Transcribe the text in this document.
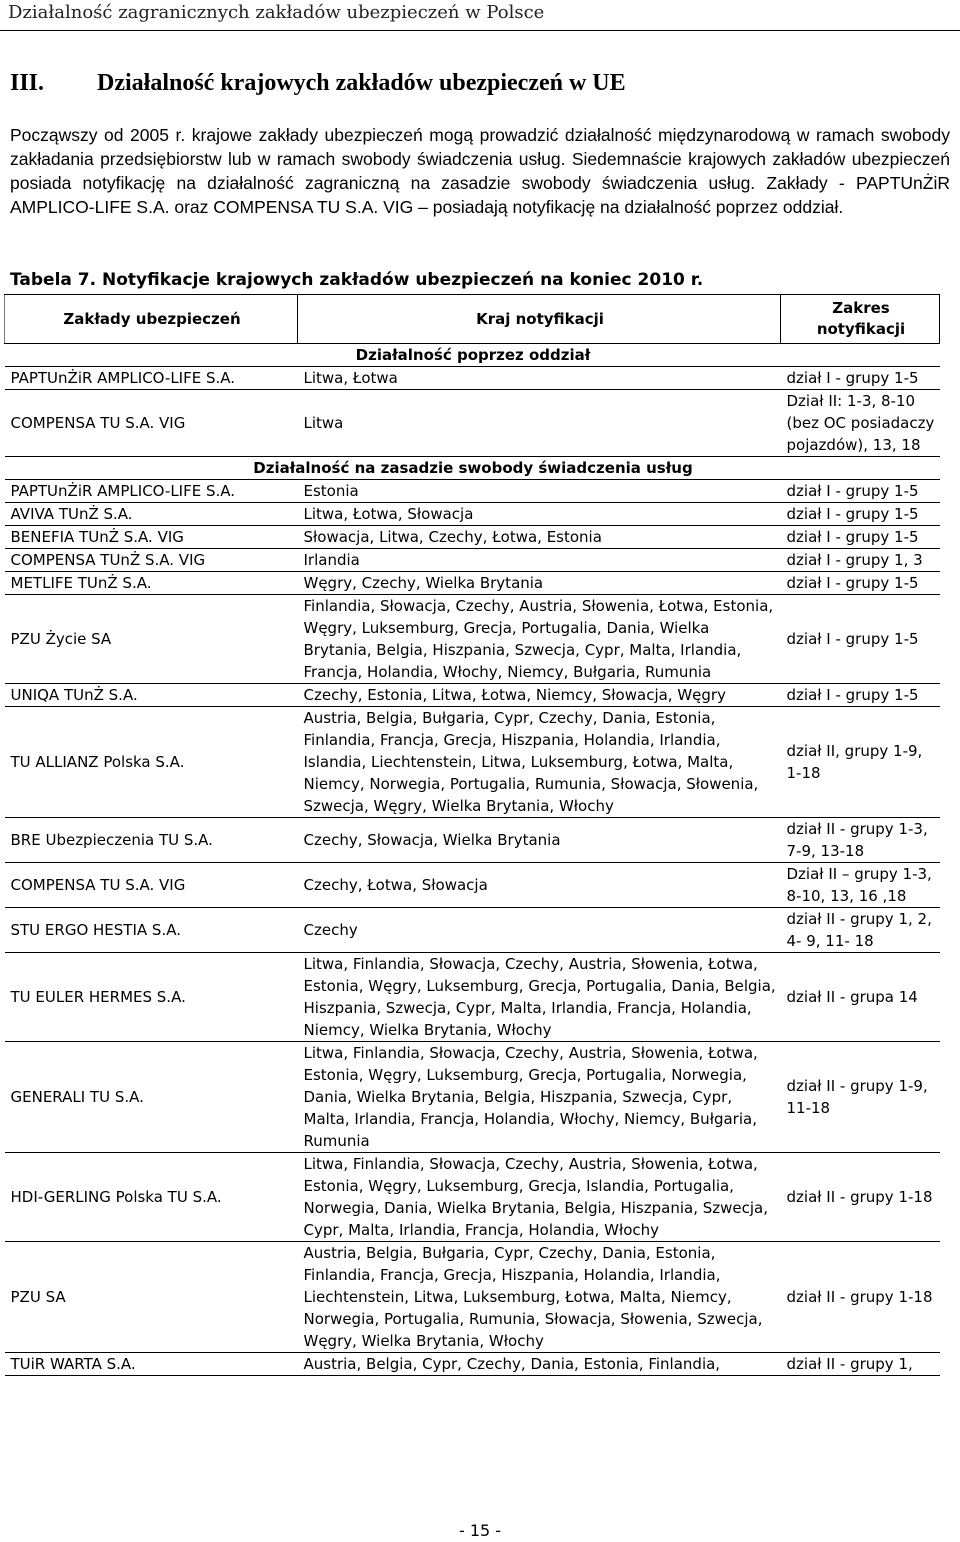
Działalność zagranicznych zakładów ubezpieczeń w Polsce
III. Działalność krajowych zakładów ubezpieczeń w UE

Począwszy od 2005 r. krajowe zakłady ubezpieczeń mogą prowadzić działalność międzynarodową w ramach swobody zakładania przedsiębiorstw lub w ramach swobody świadczenia usług. Siedemnaście krajowych zakładów ubezpieczeń posiada notyfikację na działalność zagraniczną na zasadzie swobody świadczenia usług. Zakłady - PAPTUnŻiR AMPLICO-LIFE S.A. oraz COMPENSA TU S.A. VIG – posiadają notyfikację na działalność poprzez oddział.

Tabela 7. Notyfikacje krajowych zakładów ubezpieczeń na koniec 2010 r.

Zakłady ubezpieczeń	Kraj notyfikacji	Zakres notyfikacji

Działalność poprzez oddział		
PAPTUnŻiR AMPLICO-LIFE S.A.	Litwa, Łotwa	dział I - grupy 1-5
COMPENSA TU S.A. VIG	Litwa	Dział II: 1-3, 8-10 (bez OC posiadaczy pojazdów), 13, 18
Działalność na zasadzie swobody świadczenia usług		
PAPTUnŻiR AMPLICO-LIFE S.A.	Estonia	dział I - grupy 1-5
AVIVA TUnŻ S.A.	Litwa, Łotwa, Słowacja	dział I - grupy 1-5
BENEFIA TUnŻ S.A. VIG	Słowacja, Litwa, Czechy, Łotwa, Estonia	dział I - grupy 1-5
COMPENSA TUnŻ S.A. VIG	Irlandia	dział I - grupy 1, 3
METLIFE TUnŻ S.A.	Węgry, Czechy, Wielka Brytania	dział I - grupy 1-5
PZU Życie SA	Finlandia, Słowacja, Czechy, Austria, Słowenia, Łotwa, Estonia, Węgry, Luksemburg, Grecja, Portugalia, Dania, Wielka Brytania, Belgia, Hiszpania, Szwecja, Cypr, Malta, Irlandia, Francja, Holandia, Włochy, Niemcy, Bułgaria, Rumunia	dział I - grupy 1-5
UNIQA TUnŻ S.A.	Czechy, Estonia, Litwa, Łotwa, Niemcy, Słowacja, Węgry	dział I - grupy 1-5
TU ALLIANZ Polska S.A.	Austria, Belgia, Bułgaria, Cypr, Czechy, Dania, Estonia, Finlandia, Francja, Grecja, Hiszpania, Holandia, Irlandia, Islandia, Liechtenstein, Litwa, Luksemburg, Łotwa, Malta, Niemcy, Norwegia, Portugalia, Rumunia, Słowacja, Słowenia, Szwecja, Węgry, Wielka Brytania, Włochy	dział II, grupy 1-9, 1-18
BRE Ubezpieczenia TU S.A.	Czechy, Słowacja, Wielka Brytania	dział II - grupy 1-3, 7-9, 13-18
COMPENSA TU S.A. VIG	Czechy, Łotwa, Słowacja	Dział II – grupy 1-3, 8-10, 13, 16 ,18
STU ERGO HESTIA S.A.	Czechy	dział II - grupy 1, 2, 4- 9, 11- 18
TU EULER HERMES S.A.	Litwa, Finlandia, Słowacja, Czechy, Austria, Słowenia, Łotwa, Estonia, Węgry, Luksemburg, Grecja, Portugalia, Dania, Belgia, Hiszpania, Szwecja, Cypr, Malta, Irlandia, Francja, Holandia, Niemcy, Wielka Brytania, Włochy	dział II - grupa 14
GENERALI TU S.A.	Litwa, Finlandia, Słowacja, Czechy, Austria, Słowenia, Łotwa, Estonia, Węgry, Luksemburg, Grecja, Portugalia, Norwegia, Dania, Wielka Brytania, Belgia, Hiszpania, Szwecja, Cypr, Malta, Irlandia, Francja, Holandia, Włochy, Niemcy, Bułgaria, Rumunia	dział II - grupy 1-9, 11-18
HDI-GERLING Polska TU S.A.	Litwa, Finlandia, Słowacja, Czechy, Austria, Słowenia, Łotwa, Estonia, Węgry, Luksemburg, Grecja, Islandia, Portugalia, Norwegia, Dania, Wielka Brytania, Belgia, Hiszpania, Szwecja, Cypr, Malta, Irlandia, Francja, Holandia, Włochy	dział II - grupy 1-18
PZU SA	Austria, Belgia, Bułgaria, Cypr, Czechy, Dania, Estonia, Finlandia, Francja, Grecja, Hiszpania, Holandia, Irlandia, Liechtenstein, Litwa, Luksemburg, Łotwa, Malta, Niemcy, Norwegia, Portugalia, Rumunia, Słowacja, Słowenia, Szwecja, Węgry, Wielka Brytania, Włochy	dział II - grupy 1-18
TUiR WARTA S.A.	Austria, Belgia, Cypr, Czechy, Dania, Estonia, Finlandia,	dział II - grupy 1,

- 15 -
